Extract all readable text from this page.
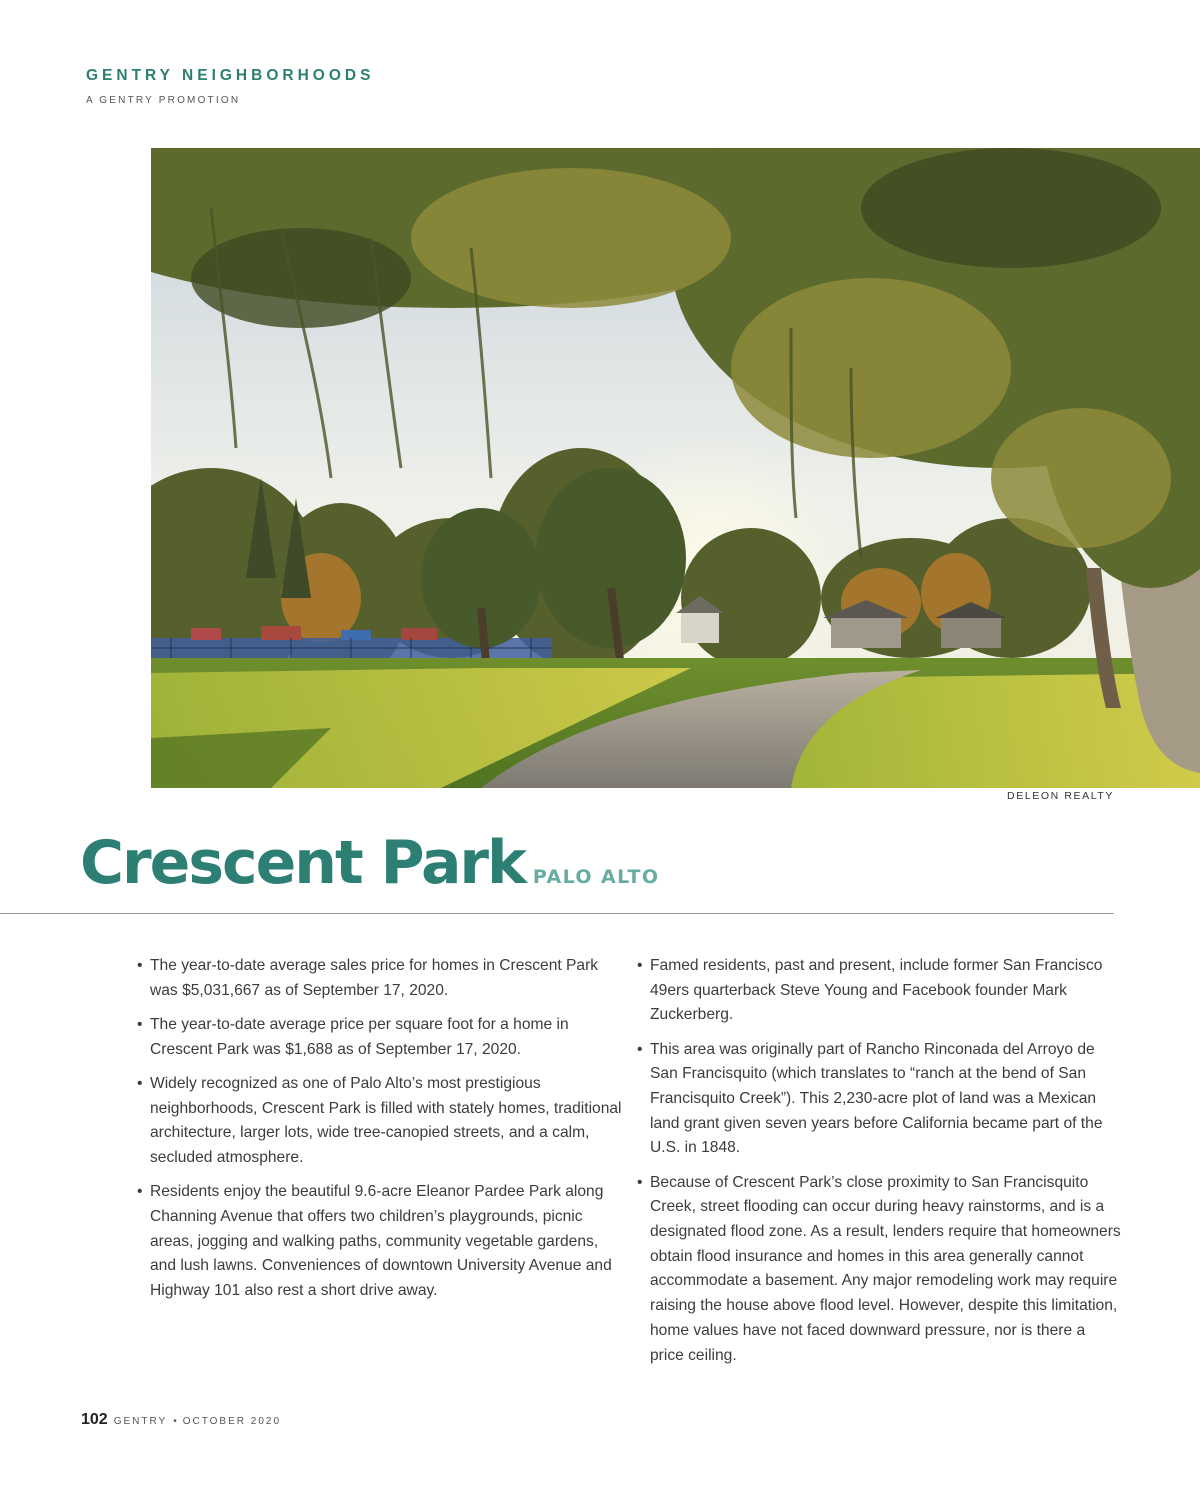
GENTRY NEIGHBORHOODS
A GENTRY PROMOTION
DELEON REALTY
Crescent Park PALO ALTO
• The year-to-date average sales price for homes in Crescent Park was $5,031,667 as of September 17, 2020.
• The year-to-date average price per square foot for a home in Crescent Park was $1,688 as of September 17, 2020.
• Widely recognized as one of Palo Alto’s most prestigious neighborhoods, Crescent Park is filled with stately homes, traditional architecture, larger lots, wide tree-canopied streets, and a calm, secluded atmosphere.
• Residents enjoy the beautiful 9.6-acre Eleanor Pardee Park along Channing Avenue that offers two children’s playgrounds, picnic areas, jogging and walking paths, community vegetable gardens, and lush lawns. Conveniences of downtown University Avenue and Highway 101 also rest a short drive away.
• Famed residents, past and present, include former San Francisco 49ers quarterback Steve Young and Facebook founder Mark Zuckerberg.
• This area was originally part of Rancho Rinconada del Arroyo de San Francisquito (which translates to “ranch at the bend of San Francisquito Creek”). This 2,230-acre plot of land was a Mexican land grant given seven years before California became part of the U.S. in 1848.
• Because of Crescent Park’s close proximity to San Francisquito Creek, street flooding can occur during heavy rainstorms, and is a designated flood zone. As a result, lenders require that homeowners obtain flood insurance and homes in this area generally cannot accommodate a basement. Any major remodeling work may require raising the house above flood level. However, despite this limitation, home values have not faced downward pressure, nor is there a price ceiling.
102 GENTRY • OCTOBER 2020
